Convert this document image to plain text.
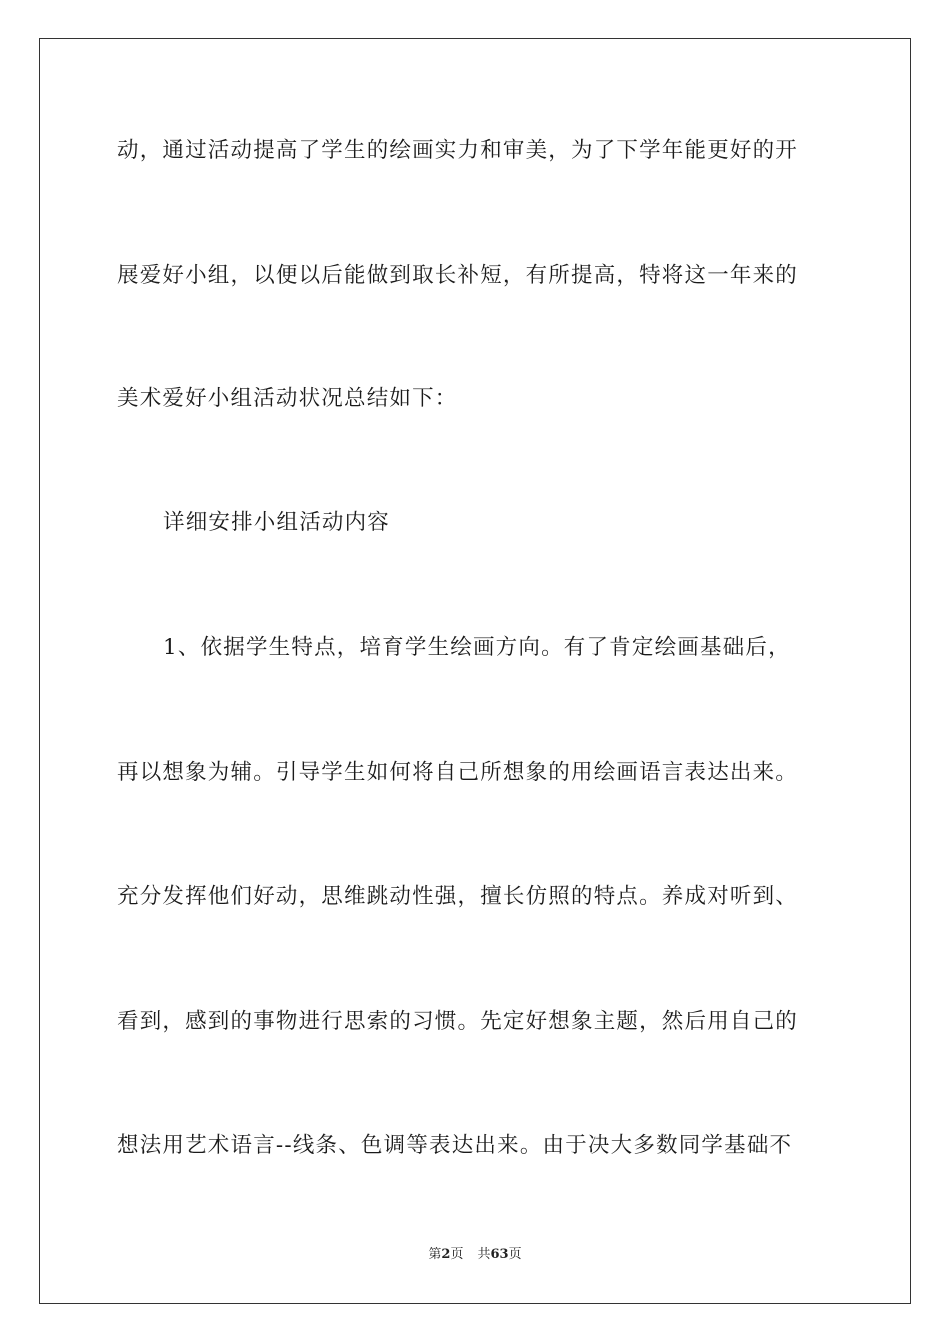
动，通过活动提高了学生的绘画实力和审美，为了下学年能更好的开
展爱好小组，以便以后能做到取长补短，有所提高，特将这一年来的
美术爱好小组活动状况总结如下：
详细安排小组活动内容
1、依据学生特点，培育学生绘画方向。有了肯定绘画基础后，
再以想象为辅。引导学生如何将自己所想象的用绘画语言表达出来。
充分发挥他们好动，思维跳动性强，擅长仿照的特点。养成对听到、
看到，感到的事物进行思索的习惯。先定好想象主题，然后用自己的
想法用艺术语言--线条、色调等表达出来。由于决大多数同学基础不
第2页 共63页
